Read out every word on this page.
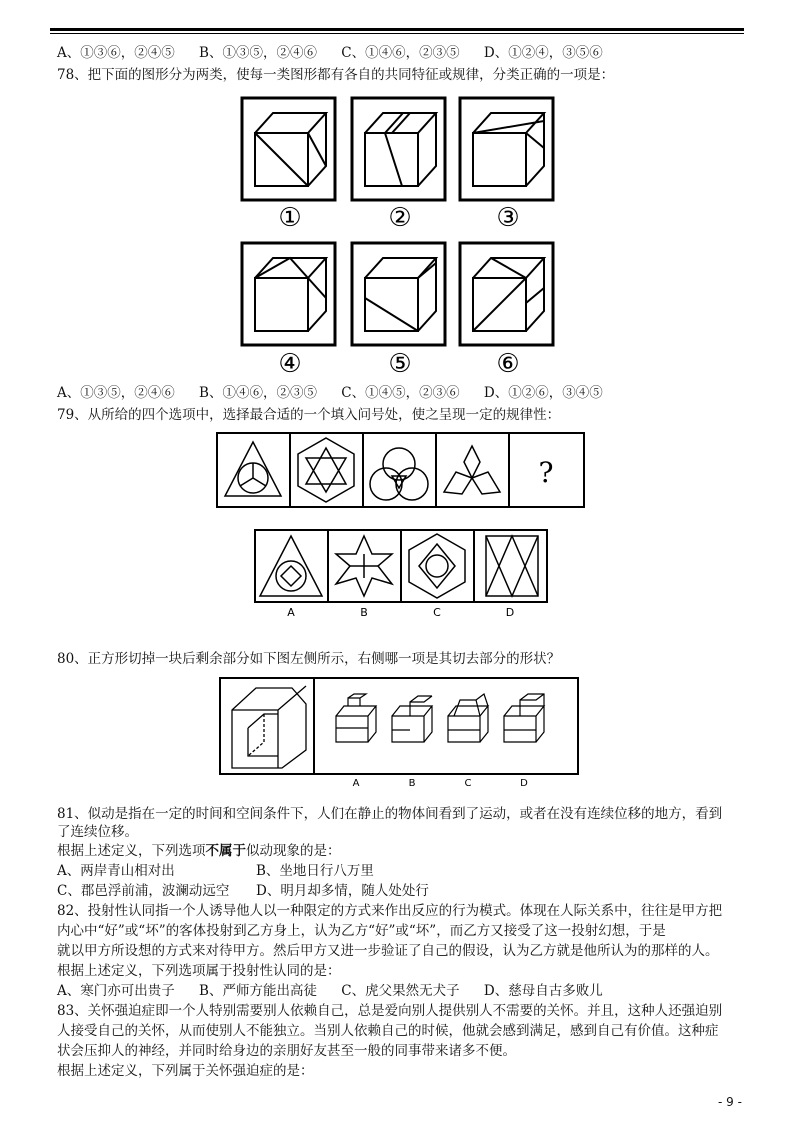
A、①③⑥，②④⑤ B、①③⑤，②④⑥ C、①④⑥，②③⑤ D、①②④，③⑤⑥
78、把下面的图形分为两类，使每一类图形都有各自的共同特征或规律，分类正确的一项是：
①	②	③
④	⑤	⑥
A、①③⑤，②④⑥ B、①④⑥，②③⑤ C、①④⑤，②③⑥ D、①②⑥，③④⑤
79、从所给的四个选项中，选择最合适的一个填入问号处，使之呈现一定的规律性：
?
A	B	C	D
80、正方形切掉一块后剩余部分如下图左侧所示，右侧哪一项是其切去部分的形状？
A	B	C	D
81、似动是指在一定的时间和空间条件下，人们在静止的物体间看到了运动，或者在没有连续位移的地方，看到
了连续位移。
根据上述定义，下列选项不属于似动现象的是：
A、两岸青山相对出	B、坐地日行八万里
C、郡邑浮前浦，波澜动远空 D、明月却多情，随人处处行
82、投射性认同指一个人诱导他人以一种限定的方式来作出反应的行为模式。体现在人际关系中，往往是甲方把
内心中“好”或“坏”的客体投射到乙方身上，认为乙方“好”或“坏”，而乙方又接受了这一投射幻想，于是
就以甲方所设想的方式来对待甲方。然后甲方又进一步验证了自己的假设，认为乙方就是他所认为的那样的人。
根据上述定义，下列选项属于投射性认同的是：
A、寒门亦可出贵子 B、严师方能出高徒 C、虎父果然无犬子 D、慈母自古多败儿
83、关怀强迫症即一个人特别需要别人依赖自己，总是爱向别人提供别人不需要的关怀。并且，这种人还强迫别
人接受自己的关怀，从而使别人不能独立。当别人依赖自己的时候，他就会感到满足，感到自己有价值。这种症
状会压抑人的神经，并同时给身边的亲朋好友甚至一般的同事带来诸多不便。
根据上述定义，下列属于关怀强迫症的是：
- 9 -
